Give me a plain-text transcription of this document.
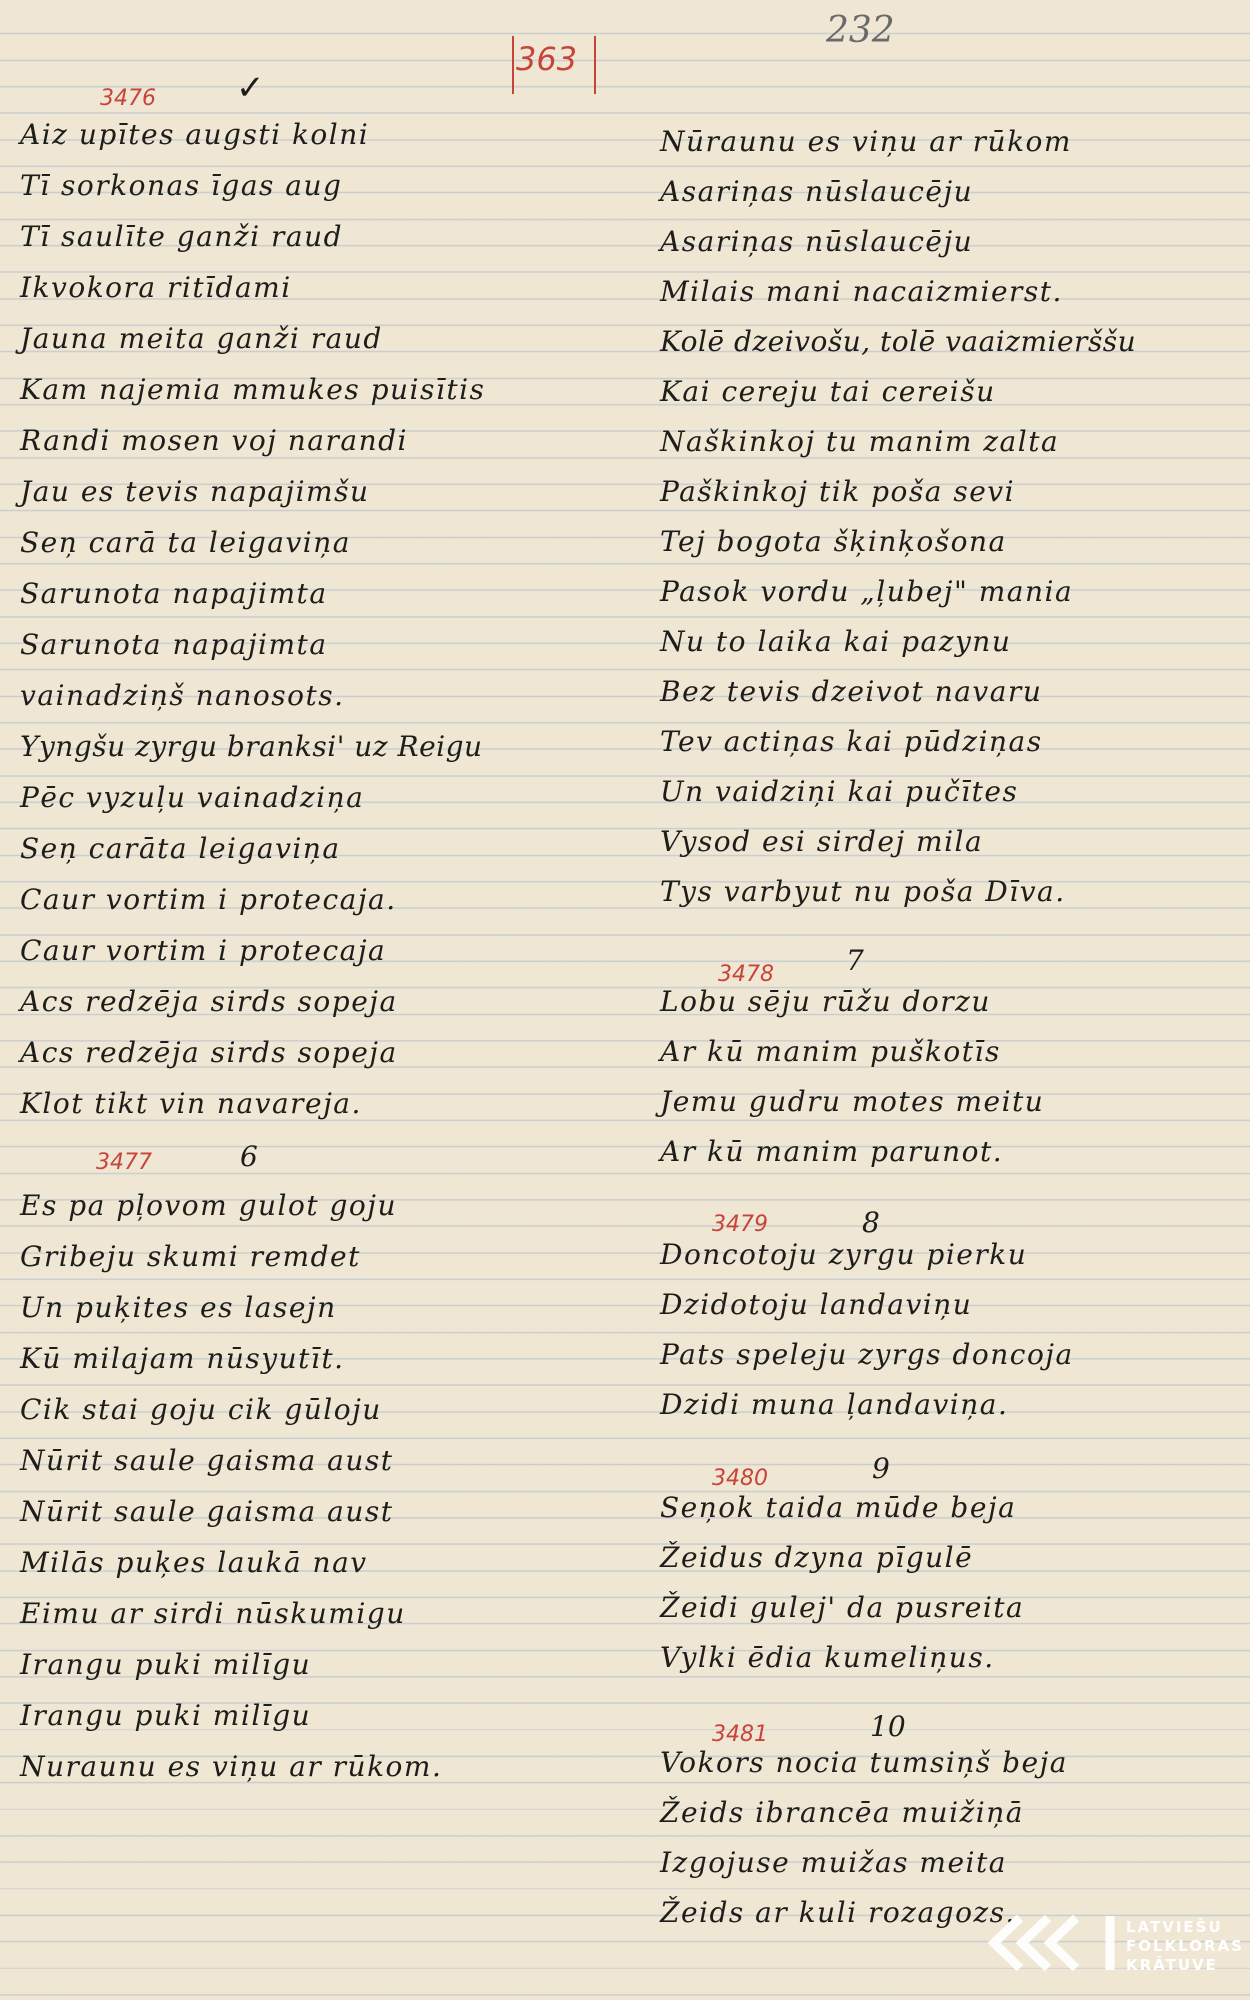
232
363
✓
3476
Aiz upītes augsti kolni
Tī sorkonas īgas aug
Tī saulīte ganži raud
Ikvokora ritīdami
Jauna meita ganži raud
Kam najemia mmukes puisītis
Randi mosen voj narandi
Jau es tevis napajimšu
Seņ carā ta leigaviņa
Sarunota napajimta
Sarunota napajimta
vainadziņš nanosots.
Yyngšu zyrgu branksi' uz Reigu
Pēc vyzuļu vainadziņa
Seņ carāta leigaviņa
Caur vortim i protecaja.
Caur vortim i protecaja
Acs redzēja sirds sopeja
Acs redzēja sirds sopeja
Klot tikt vin navareja.
3477	6
Es pa pļovom gulot goju
Gribeju skumi remdet
Un puķites es lasejn
Kū milajam nūsyutīt.
Cik stai goju cik gūloju
Nūrit saule gaisma aust
Nūrit saule gaisma aust
Milās puķes laukā nav
Eimu ar sirdi nūskumigu
Irangu puki milīgu
Irangu puki milīgu
Nuraunu es viņu ar rūkom.
Nūraunu es viņu ar rūkom
Asariņas nūslaucēju
Asariņas nūslaucēju
Milais mani nacaizmierst.
Kolē dzeivošu, tolē vaaizmierššu
Kai cereju tai cereišu
Naškinkoj tu manim zalta
Paškinkoj tik poša sevi
Tej bogota šķinķošona
Pasok vordu „ļubej" mania
Nu to laika kai pazynu
Bez tevis dzeivot navaru
Tev actiņas kai pūdziņas
Un vaidziņi kai pučītes
Vysod esi sirdej mila
Tys varbyut nu poša Dīva.
3478	7
Lobu sēju rūžu dorzu
Ar kū manim puškotīs
Jemu gudru motes meitu
Ar kū manim parunot.
3479	8
Doncotoju zyrgu pierku
Dzidotoju landaviņu
Pats speleju zyrgs doncoja
Dzidi muna ļandaviņa.
3480	9
Seņok taida mūde beja
Žeidus dzyna pīgulē
Žeidi gulej' da pusreita
Vylki ēdia kumeliņus.
3481	10
Vokors nocia tumsiņš beja
Žeids ibrancēa muižiņā
Izgojuse muižas meita
Žeids ar kuli rozagozs.	LATVIEŠU
FOLKLORAS
KRĀTUVE
